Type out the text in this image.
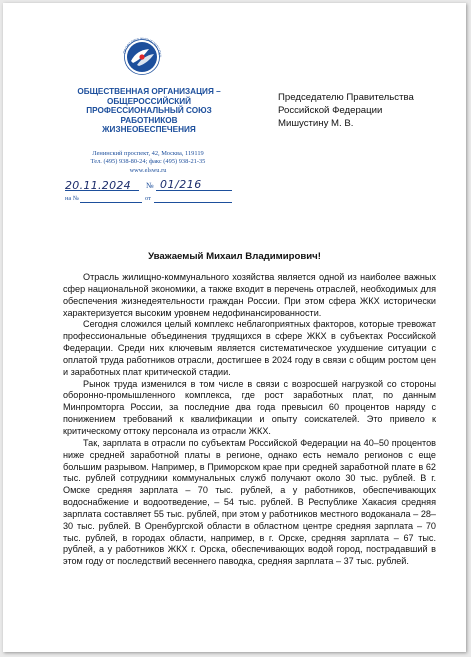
ПРОФСОЮЗ ЖИЗНЕОБЕСПЕЧ
ОБЩЕСТВЕННАЯ ОРГАНИЗАЦИЯ –
ОБЩЕРОССИЙСКИЙ
ПРОФЕССИОНАЛЬНЫЙ СОЮЗ
РАБОТНИКОВ
ЖИЗНЕОБЕСПЕЧЕНИЯ
Ленинский проспект, 42, Москва, 119119
Тел. (495) 938-80-24; факс (495) 938-21-35
www.elswu.ru
20.11.2024 № 01/216
на №	от
Председателю Правительства
Российской Федерации
Мишустину М. В.
Уважаемый Михаил Владимирович!

Отрасль жилищно-коммунального хозяйства является одной из наиболее важных сфер национальной экономики, а также входит в перечень отраслей, необходимых для обеспечения жизнедеятельности граждан России. При этом сфера ЖКХ исторически характеризуется высоким уровнем недофинансированности.

Сегодня сложился целый комплекс неблагоприятных факторов, которые тревожат профессиональные объединения трудящихся в сфере ЖКХ в субъектах Российской Федерации. Среди них ключевым является систематическое ухудшение ситуации с оплатой труда работников отрасли, достигшее в 2024 году в связи с общим ростом цен и заработных плат критической стадии.

Рынок труда изменился в том числе в связи с возросшей нагрузкой со стороны оборонно-промышленного комплекса, где рост заработных плат, по данным Минпромторга России, за последние два года превысил 60 процентов наряду с понижением требований к квалификации и опыту соискателей. Это привело к критическому оттоку персонала из отрасли ЖКХ.

Так, зарплата в отрасли по субъектам Российской Федерации на 40–50 процентов ниже средней заработной платы в регионе, однако есть немало регионов с еще большим разрывом. Например, в Приморском крае при средней заработной плате в 62 тыс. рублей сотрудники коммунальных служб получают около 30 тыс. рублей. В г. Омске средняя зарплата – 70 тыс. рублей, а у работников, обеспечивающих водоснабжение и водоотведение, – 54 тыс. рублей. В Республике Хакасия средняя зарплата составляет 55 тыс. рублей, при этом у работников местного водоканала – 28–30 тыс. рублей. В Оренбургской области в областном центре средняя зарплата – 70 тыс. рублей, в городах области, например, в г. Орске, средняя зарплата – 67 тыс. рублей, а у работников ЖКХ г. Орска, обеспечивающих водой город, пострадавший в этом году от последствий весеннего паводка, средняя зарплата – 37 тыс. рублей.
